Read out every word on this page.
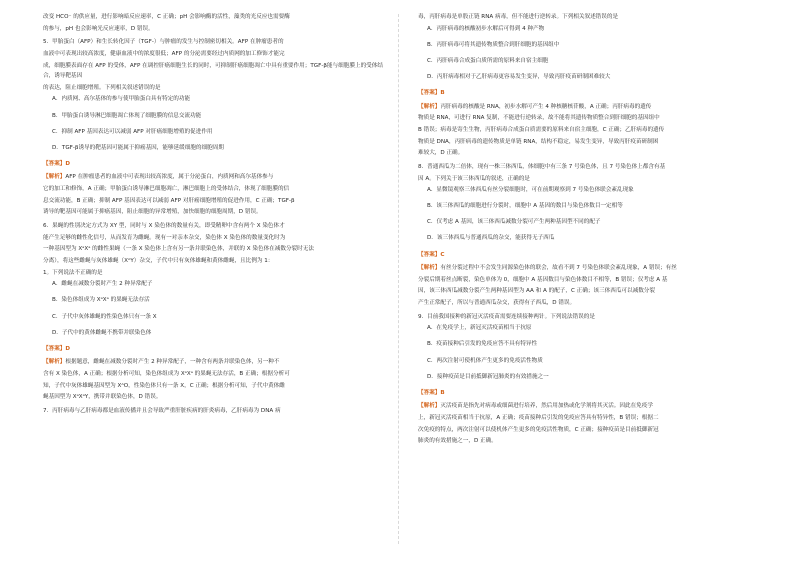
改变 HCO⁻ 的供应量，进行影响暗反应速率，C 正确；pH 会影响酶的活性，藻类的光反应也需要酶

的参与，pH 也会影响光反应速率，D 错误。

5．甲胎蛋白（AFP）和生长转化因子（TGF-）与肿瘤的发生与控制密切相关。AFP 在肿瘤患者的

血液中可表现出较高浓度，健康血液中的浓度很低；AFP 的分泌需要经过内质网的加工修饰才能完

成，细胞膜表面存在 AFP 的受体，AFP 在调控肝癌细胞生长的同时，可抑制肝癌细胞凋亡中具有重要作用；TGF-β能与细胞膜上的受体结合，诱导靶基因

的表达，阻止细胞增殖。下列相关叙述错误的是

A．内质网、高尔基体的参与使甲胎蛋白具有特定的功能

B．甲胎蛋白诱导淋巴细胞凋亡体现了细胞膜的信息交流功能

C．抑制 AFP 基因表达可以减弱 AFP 对肝癌细胞增殖的促进作用

D．TGF-β诱导的靶基因可能属于抑癌基因，能够延缓细胞的细胞周期

【答案】D

【解析】AFP 在肿瘤患者的血液中可表现出较高浓度，属于分泌蛋白，内质网和高尔基体参与

它的加工和修饰，A 正确；甲胎蛋白诱导淋巴细胞凋亡，淋巴细胞上的受体结合，体现了细胞膜的信

息交流功能，B 正确；抑制 AFP 基因表达可以减弱 AFP 对肝癌细胞增殖的促进作用，C 正确；TGF-β

诱导的靶基因可能属于抑癌基因，阻止细胞的异常增殖，加快细胞的细胞周期，D 错误。

6．果蝇的性别决定方式为 XY 型，同时与 X 染色体的数量有关，即受精卵中含有两个 X 染色体才

能产生足够的雌性化信号，从而发育为雌蝇。现有一对亲本杂交，染色体 X 染色体的数量变化时为

一种基因型为 XᵃXᵃ 的雌性果蝇（一条 X 染色体上含有另一条并联染色体，并联的 X 染色体在减数分裂时无法

分离），将这些雌蝇与灰体雄蝇（XᴬY）杂交，子代中只有灰体雄蝇和黄体雌蝇，且比例为 1：

1。下列说法不正确的是

A．雌蝇在减数分裂时产生 2 种异常配子

B．染色体组成为 XᵃXᵃ 的果蝇无法存活

C．子代中灰体雄蝇的性染色体只有一条 X

D．子代中的黄体雌蝇不携带并联染色体

【答案】D

【解析】根据题意，雌蝇在减数分裂时产生 2 种异常配子，一种含有两条并联染色体，另一种不

含有 X 染色体，A 正确；根据分析可知，染色体组成为 XᵃXᵃ 的果蝇无法存活，B 正确；根据分析可

知，子代中灰体雄蝇基因型为 XᴬO，性染色体只有一条 X，C 正确；根据分析可知，子代中黄体雌

蝇基因型为 XᵃXᵃY，携带并联染色体，D 错误。

7．丙肝病毒与乙肝病毒都是血液传播并且会导致严重肝脏疾病的肝炎病毒，乙肝病毒为 DNA 病

毒，丙肝病毒是单股正链 RNA 病毒，但不能进行逆转录。下列相关叙述错误的是

A．丙肝病毒的核酸初步水解后可得到 4 种产物

B．丙肝病毒可将其遗传物质整合到肝细胞的基因组中

C．丙肝病毒合成蛋白质所需的原料来自宿主细胞

D．丙肝病毒相对于乙肝病毒更容易发生变异，导致丙肝疫苗研制困难较大

【答案】B

【解析】丙肝病毒的核酸是 RNA，初步水解可产生 4 种核糖核苷酸，A 正确；丙肝病毒的遗传

物质是 RNA，可进行 RNA 复制，不能进行逆转录，故不能将其遗传物质整合到肝细胞的基因组中

B 错误；病毒是寄生生物，丙肝病毒合成蛋白质需要的原料来自宿主细胞，C 正确；乙肝病毒的遗传

物质是 DNA，丙肝病毒的遗传物质是单链 RNA，结构不稳定，易发生变异，导致丙肝疫苗研制困

难较大，D 正确。

8．普通西瓜为二倍体，现有一株三体西瓜，体细胞中有三条 7 号染色体，且 7 号染色体上都含有基

因 A。下列关于该三体西瓜的叙述，正确的是

A．显微镜观察三体西瓜有丝分裂细胞时，可在前期观察到 7 号染色体联会紊乱现象

B．该三体西瓜的细胞进行分裂时，细胞中 A 基因的数目与染色体数目一定相等

C．仅考虑 A 基因，该三体西瓜减数分裂可产生两种基因型不同的配子

D．该三体西瓜与普通西瓜的杂交，能获得无子西瓜

【答案】C

【解析】有丝分裂过程中不会发生同源染色体的联会，故看不到 7 号染色体联会紊乱现象，A 错误；有丝

分裂后期着丝点断裂，染色单体为 0，细胞中 A 基因数目与染色体数目不相等，B 错误；仅考虑 A 基

因，该三体西瓜减数分裂产生两种基因型为 AA 和 A 的配子，C 正确；该三体西瓜可以减数分裂

产生正常配子，所以与普通西瓜杂交，获得有子西瓜，D 错误。

9．目前我国接种的新冠灭活疫苗需要连续接种两针。下列说法错误的是

A．在免疫学上，新冠灭活疫苗相当于抗原

B．疫苗接种后引发的免疫应答不具有特异性

C．两次注射可使机体产生更多的免疫活性物质

D．接种疫苗是目前抵御新冠肺炎的有效措施之一

【答案】B

【解析】灭活疫苗是指先对病毒或细菌进行培养，然后用加热或化学剂将其灭活。因此在免疫学

上，新冠灭活疫苗相当于抗原，A 正确；疫苗接种后引发的免疫应答具有特异性，B 错误；根据二

次免疫的特点，两次注射可以使机体产生更多的免疫活性物质，C 正确；接种疫苗是目前抵御新冠

肺炎的有效措施之一，D 正确。
